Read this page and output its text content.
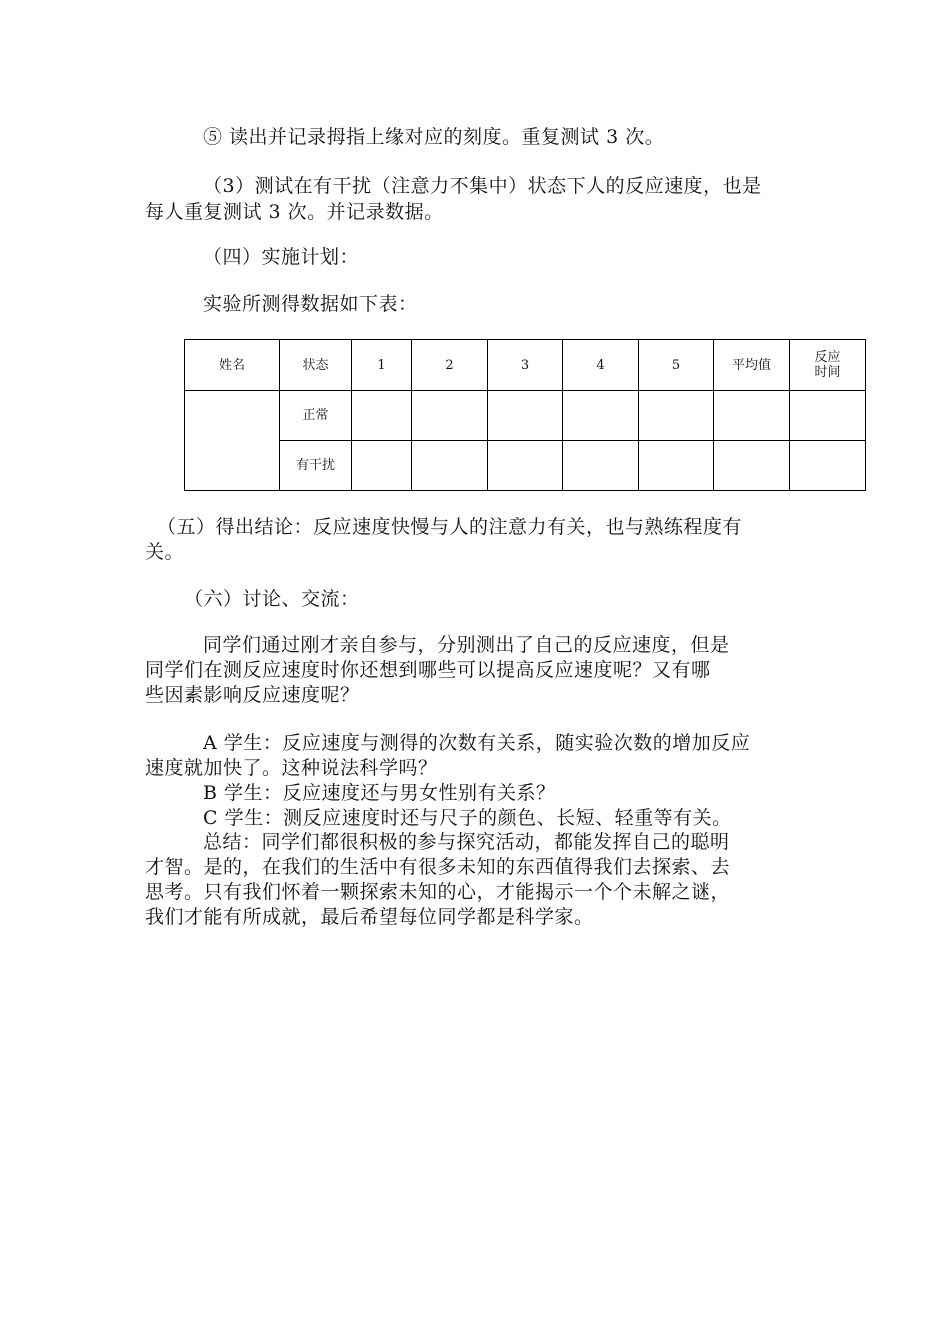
⑤ 读出并记录拇指上缘对应的刻度。重复测试 3 次。
（3）测试在有干扰（注意力不集中）状态下人的反应速度，也是
每人重复测试 3 次。并记录数据。
（四）实施计划：
实验所测得数据如下表：
姓名	状态	1	2	3	4	5	平均值	反应
时间

	正常							
	有干扰							
（五）得出结论：反应速度快慢与人的注意力有关，也与熟练程度有
关。
（六）讨论、交流：
同学们通过刚才亲自参与，分别测出了自己的反应速度，但是
同学们在测反应速度时你还想到哪些可以提高反应速度呢？又有哪
些因素影响反应速度呢？
A 学生：反应速度与测得的次数有关系，随实验次数的增加反应
速度就加快了。这种说法科学吗？
B 学生：反应速度还与男女性别有关系？
C 学生：测反应速度时还与尺子的颜色、长短、轻重等有关。
总结：同学们都很积极的参与探究活动，都能发挥自己的聪明
才智。是的，在我们的生活中有很多未知的东西值得我们去探索、去
思考。只有我们怀着一颗探索未知的心，才能揭示一个个未解之谜，
我们才能有所成就，最后希望每位同学都是科学家。
